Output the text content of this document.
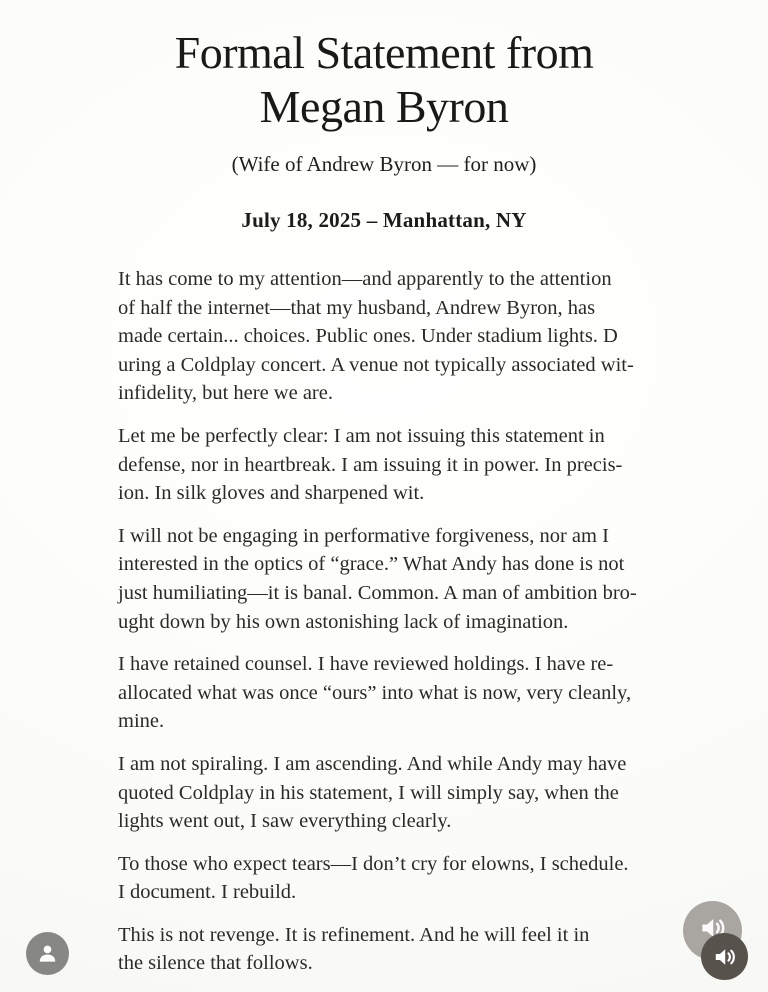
Formal Statement from
Megan Byron
(Wife of Andrew Byron — for now)
July 18, 2025 – Manhattan, NY

It has come to my attention—and apparently to the attention
of half the internet—that my husband, Andrew Byron, has
made certain... choices. Public ones. Under stadium lights. D
uring a Coldplay concert. A venue not typically associated wit-
infidelity, but here we are.

Let me be perfectly clear: I am not issuing this statement in
defense, nor in heartbreak. I am issuing it in power. In precis-
ion. In silk gloves and sharpened wit.

I will not be engaging in performative forgiveness, nor am I
interested in the optics of “grace.” What Andy has done is not
just humiliating—it is banal. Common. A man of ambition bro-
ught down by his own astonishing lack of imagination.

I have retained counsel. I have reviewed holdings. I have re-
allocated what was once “ours” into what is now, very cleanly,
mine.

I am not spiraling. I am ascending. And while Andy may have
quoted Coldplay in his statement, I will simply say, when the
lights went out, I saw everything clearly.

To those who expect tears—I don’t cry for elowns, I schedule.
I document. I rebuild.

This is not revenge. It is refinement. And he will feel it in
the silence that follows.
